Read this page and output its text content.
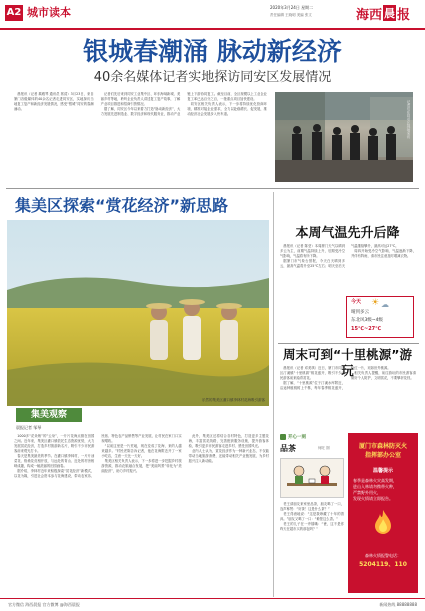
A2 城市读本	2020年3月24日 星期二
责任编辑 王晓明 美编 张文	海西 晨 报
银城春潮涌 脉动新经济
40余名媒体记者实地探访同安区发展情况

晨报讯（记者 翁雅琴 通讯员 郭清）3月23日，来自厦门各级媒体的40余名记者走进同安区，实地探访当地复工复产和新经济发展情况，感受“银城”同安的春潮涌动。

记者们先后来到同安工业集中区、环东海域新城、美丽乡村等地，聆听企业负责人讲述复工复产故事，了解产业项目推进和招商引资情况。

据了解，同安区今年以来着力打造“脉动新经济”，大力发展先进制造业、数字经济和现代服务业，推动产业链上下游协同复工。截至目前，全区规模以上工业企业复工率已达百分之百，一批重点项目加快建设。

同安区相关负责人表示，下一步将持续优化营商环境，精准对接企业需求，全力以赴稳增长、促发展，推动经济社会发展步入快车道。	记者们在同安区现场采访
集美区探索“赏花经济”新思路
乐然的集美区灌口镇李林村花海吸引游客
集美观察
晨报记者 邹琴

1000多“花朵般”的“云朵”，一片片花海点缀在田园之间。近年来，集美区灌口镇依托生态资源优势，大力发展赏花经济，打造乡村旅游新名片，吸引不少市民游客前来观光打卡。

春天是集美最美的季节。在灌口镇李林村，一片片油菜花、格桑花竞相开放，与远处的青山、近处的村舍相映成趣，构成一幅美丽的田园画卷。

据介绍，李林村近年来积极探索“赏花经济”新模式，以花为媒，引进社会资本参与花海建设，带动农家乐、民宿、特色农产品销售等产业发展，让村民在家门口实现增收。

“以前这里是一片荒地，现在变成了花海，来的人越来越多。”村民老陈告诉记者，他在花海附近开了一家小吃店，生意一天比一天好。

集美区相关负责人表示，下一步将进一步挖掘乡村旅游资源，推动农旅融合发展，把“美丽风景”转化为“美丽经济”，助力乡村振兴。

此外，集美区还将结合各村特色，打造更多主题花海，丰富赏花线路，完善配套服务设施，提升游客体验，吸引更多市民游客走进乡村、感受田园风光。

业内人士认为，赏花经济作为一种新兴业态，不仅能带动当地旅游消费，还能带动相关产业链发展，为乡村振兴注入新动能。

本周气温先升后降

晨报讯（记者 陈莹）本周厦门天气以晴到多云为主，前期气温持续上升，后期受冷空气影响，气温将有所下降。

据厦门市气象台预报，今天白天晴到多云，最高气温将升至25℃左右；明天至后天气温继续攀升，最高可达27℃。

周四开始受冷空气影响，气温逐渐下降，并伴有阵雨，请市民注意及时增减衣物。

今天 ☀ ☁
晴到多云
东北风3级~4级
15℃~27℃
周末可到“十里桃源”游玩

晨报讯（记者 邓美琪）近日，厦门市同安区汀溪镇“十里桃源”桃花盛开，吸引不少市民游客前来踏青赏花。

据了解，“十里桃源”位于汀溪水库附近，沿途种植桃树上千株，每年春季桃花盛开，粉红一片，宛如世外桃源。

相关负责人提醒，前往游玩的市民游客请做好个人防护，文明赏花，不要攀折花枝。

开心一刻
品茶	何旺 图

老王请朋友来家里品茶，朋友喝了一口，连声称赞：“好茶！这是什么茶？”

老王得意地说：“这是我珍藏了十年的普洱。”朋友又喝了一口：“难怪这么香。”

老王的儿子在一旁插嘴：“爸，这不是你昨天在超市买的那包吗？”

厦门市森林防灭火
指挥部办公室
温馨提示
春季是森林火灾高发期，
进山入林请勿携带火种，
严禁野外用火，
发现火情请立即报告。
森林火情报警电话：
5204119、110
官方微信 海西晨报 官方微博 @海西晨报	新闻热线 88888888
